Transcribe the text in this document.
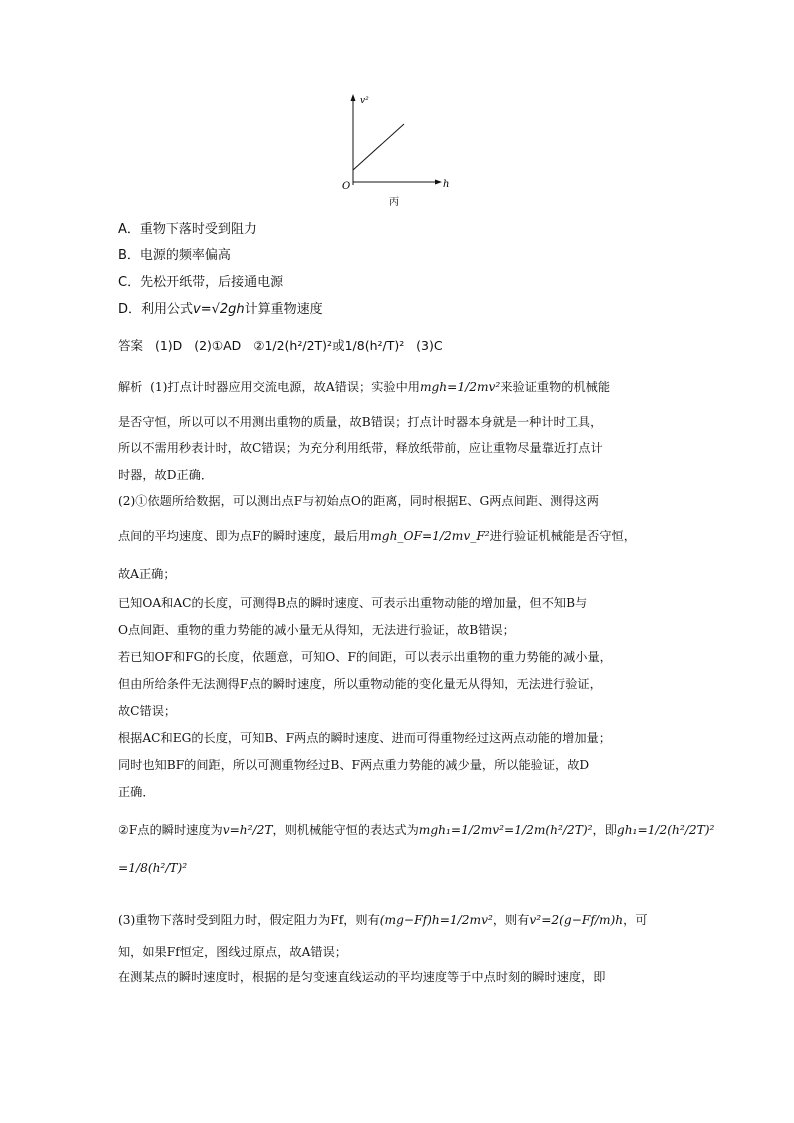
v²
h
O
丙
A．重物下落时受到阻力
B．电源的频率偏高
C．先松开纸带，后接通电源
D．利用公式v=√2gh计算重物速度
答案 (1)D (2)①AD ②1/2(h²/2T)²或1/8(h²/T)² (3)C
解析 (1)打点计时器应用交流电源，故A错误；实验中用mgh=1/2mv²来验证重物的机械能
是否守恒，所以可以不用测出重物的质量，故B错误；打点计时器本身就是一种计时工具，
所以不需用秒表计时，故C错误；为充分利用纸带，释放纸带前，应让重物尽量靠近打点计
时器，故D正确．
(2)①依题所给数据，可以测出点F与初始点O的距离，同时根据E、G两点间距、测得这两
点间的平均速度、即为点F的瞬时速度，最后用mgh_OF=1/2mv_F²进行验证机械能是否守恒，
故A正确；
已知OA和AC的长度，可测得B点的瞬时速度、可表示出重物动能的增加量，但不知B与
O点间距、重物的重力势能的减小量无从得知，无法进行验证，故B错误；
若已知OF和FG的长度，依题意，可知O、F的间距，可以表示出重物的重力势能的减小量，
但由所给条件无法测得F点的瞬时速度，所以重物动能的变化量无从得知，无法进行验证，
故C错误；
根据AC和EG的长度，可知B、F两点的瞬时速度、进而可得重物经过这两点动能的增加量；
同时也知BF的间距，所以可测重物经过B、F两点重力势能的减少量，所以能验证，故D
正确．
②F点的瞬时速度为v=h²/2T，则机械能守恒的表达式为mgh₁=1/2mv²=1/2m(h²/2T)²，即gh₁=1/2(h²/2T)²
=1/8(h²/T)²
(3)重物下落时受到阻力时，假定阻力为Ff，则有(mg−Ff)h=1/2mv²，则有v²=2(g−Ff/m)h，可
知，如果Ff恒定，图线过原点，故A错误；
在测某点的瞬时速度时，根据的是匀变速直线运动的平均速度等于中点时刻的瞬时速度，即
